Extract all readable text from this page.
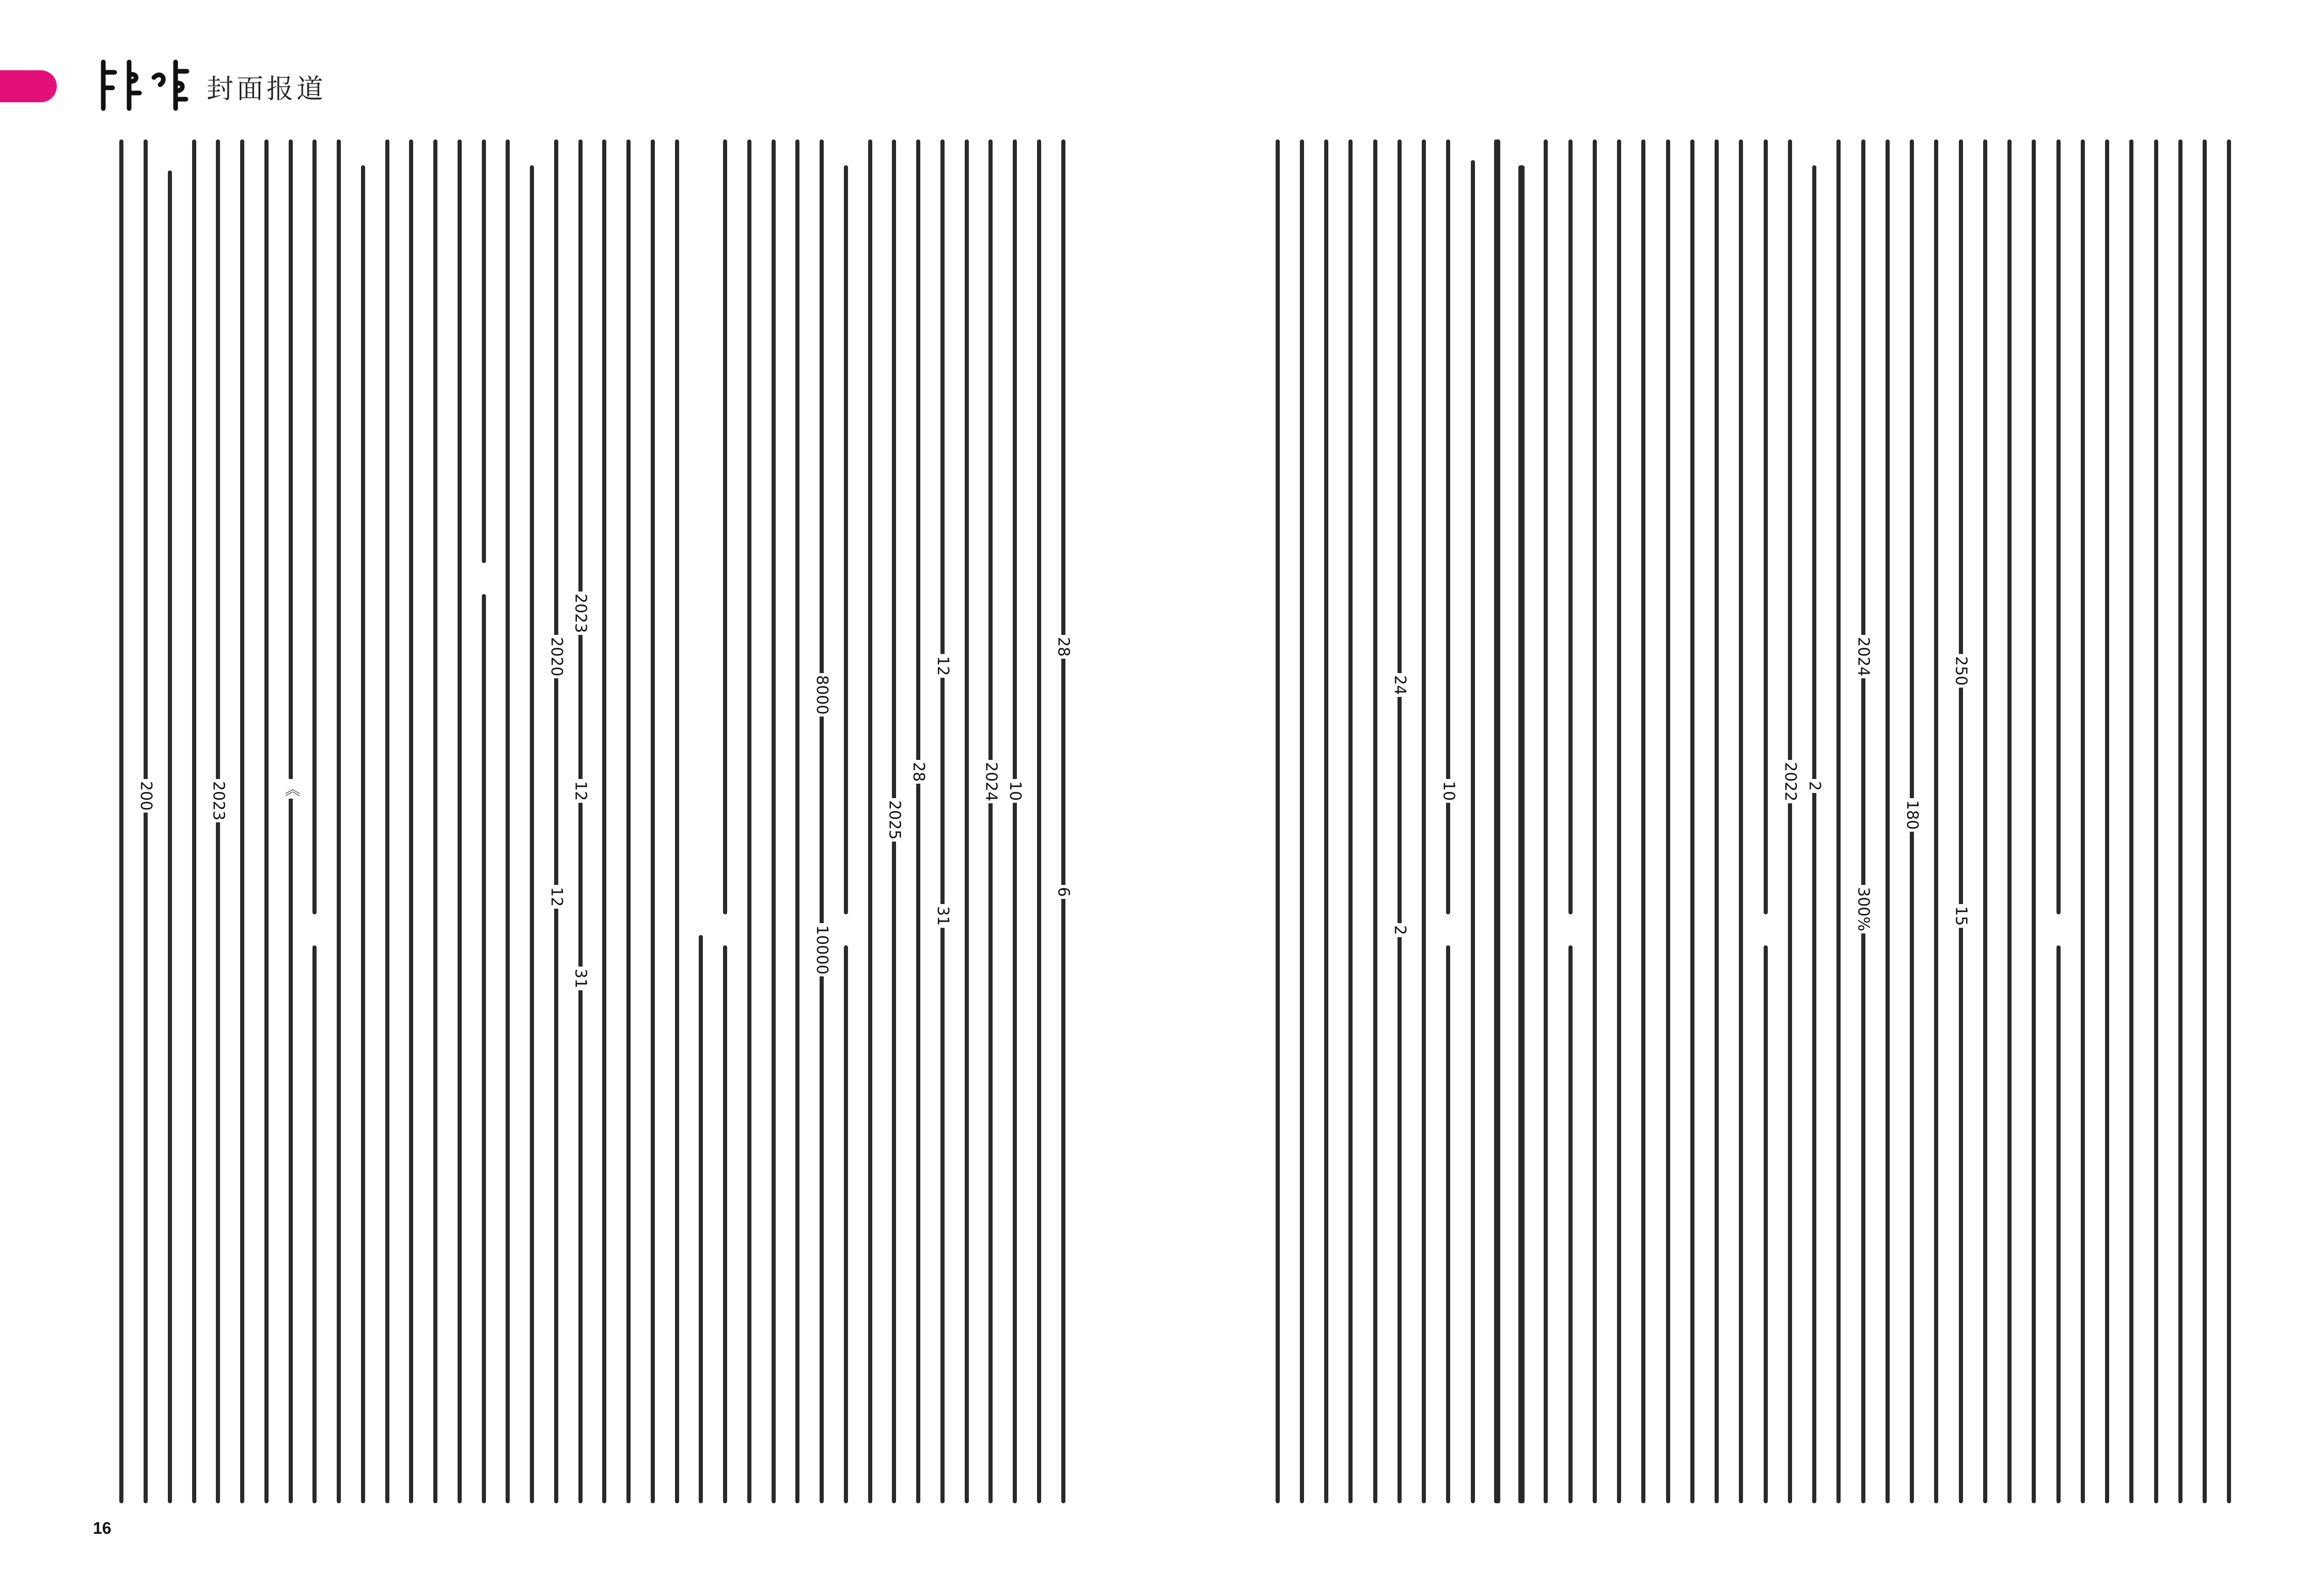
封面报道
200	2023	《
2020
12
2023
12
31
8000
10000
2025
28
12
31
2024 10
28
6
16
24
2
10	2022 2
2024
300%
180
250
15
